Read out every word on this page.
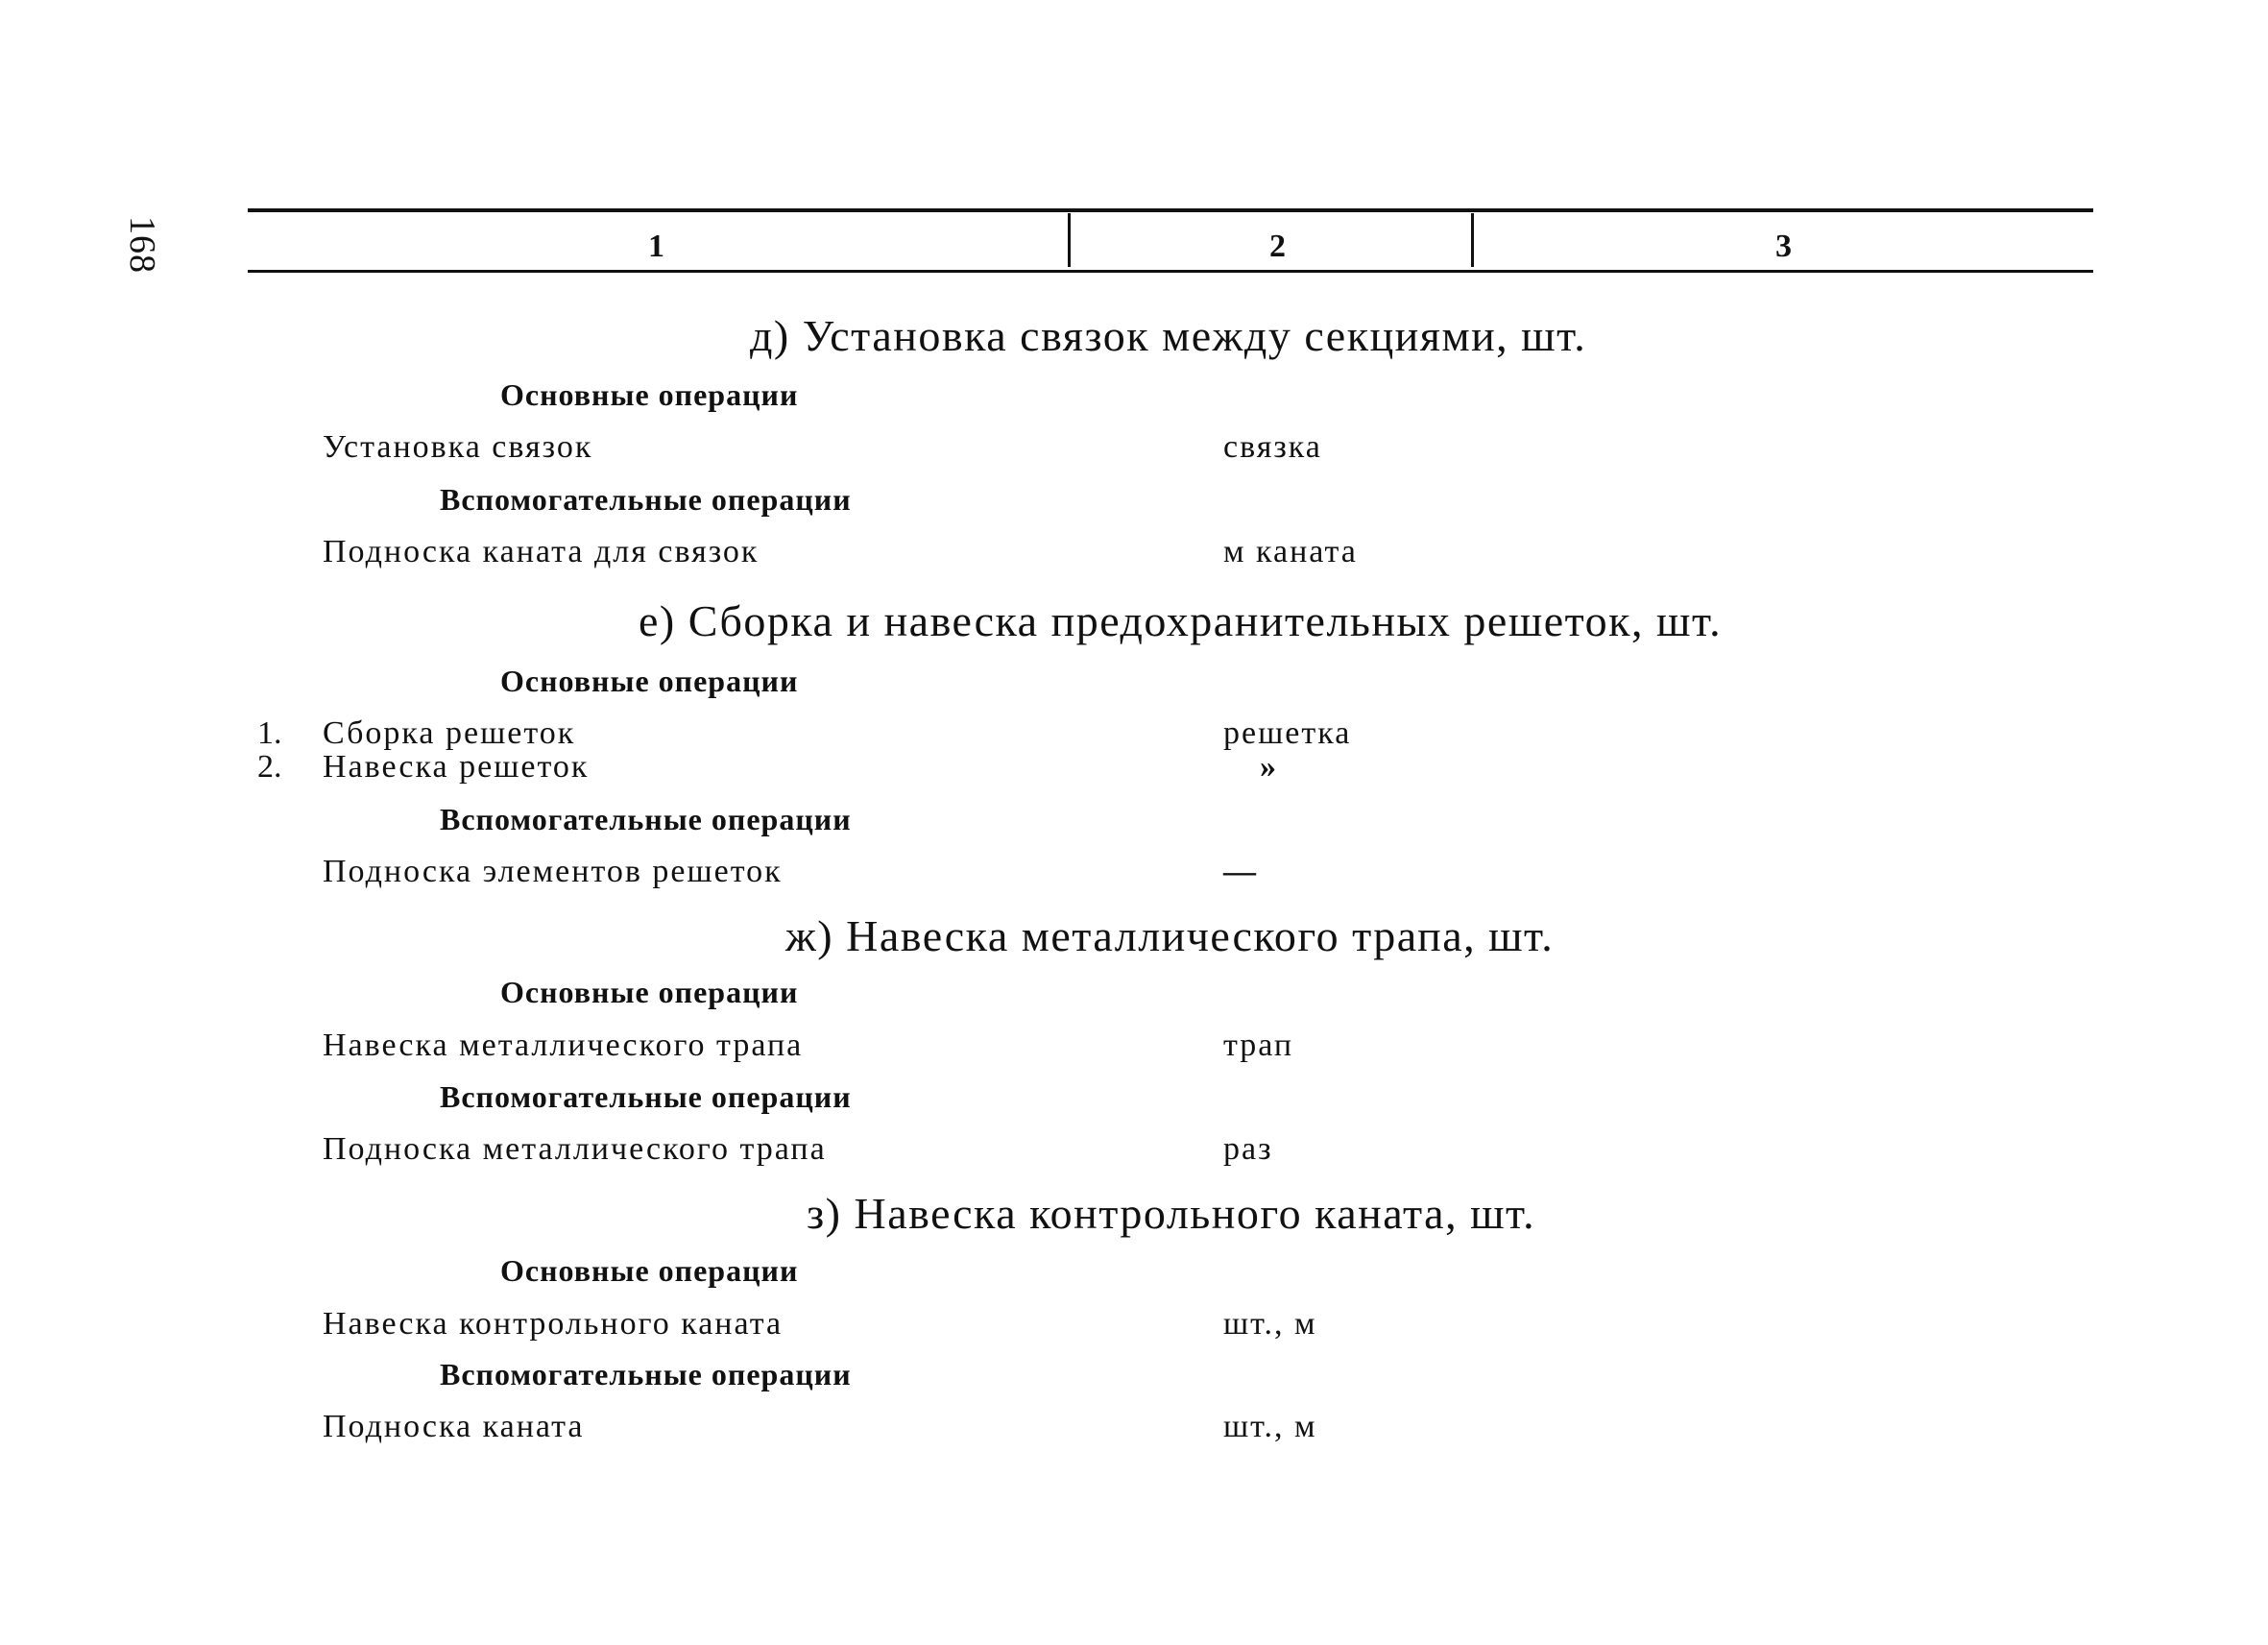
168	1	2	3
д) Установка связок между секциями, шт.
Основные операции
Установка связок	связка
Вспомогательные операции
Подноска каната для связок	м каната
е) Сборка и навеска предохранительных решеток, шт.
Основные операции
1. Сборка решеток	решетка
2. Навеска решеток	»
Вспомогательные операции
Подноска элементов решеток	—
ж) Навеска металлического трапа, шт.
Основные операции
Навеска металлического трапа	трап
Вспомогательные операции
Подноска металлического трапа	раз
з) Навеска контрольного каната, шт.
Основные операции
Навеска контрольного каната	шт., м
Вспомогательные операции
Подноска каната	шт., м
